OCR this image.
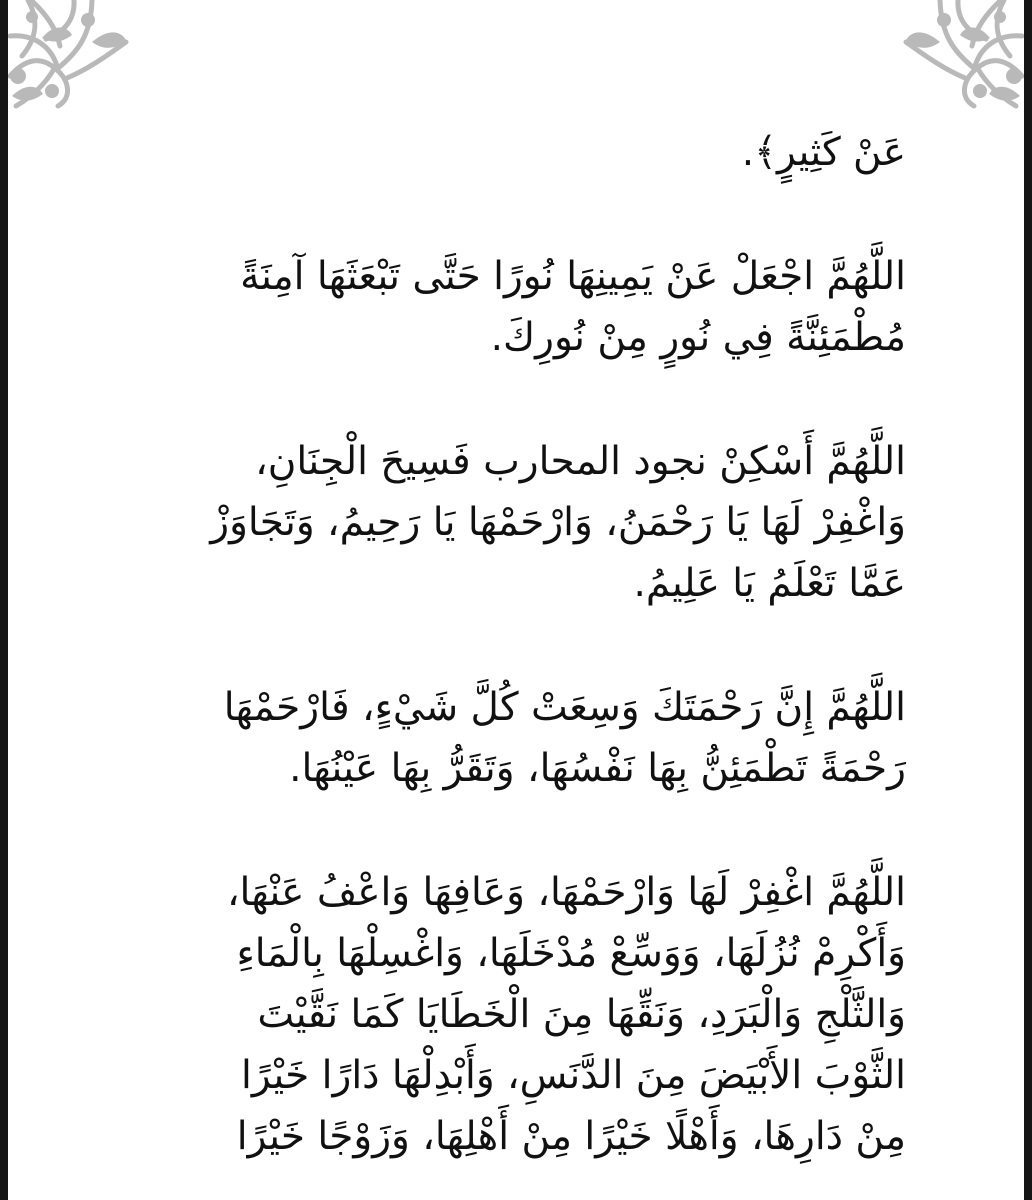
عَنْ كَثِيرٍ﴾.

اللَّهُمَّ اجْعَلْ عَنْ يَمِينِهَا نُورًا حَتَّى تَبْعَثَهَا آمِنَةً
مُطْمَئِنَّةً فِي نُورٍ مِنْ نُورِكَ.

اللَّهُمَّ أَسْكِنْ نجود المحارب فَسِيحَ الْجِنَانِ،
وَاغْفِرْ لَهَا يَا رَحْمَنُ، وَارْحَمْهَا يَا رَحِيمُ، وَتَجَاوَزْ
عَمَّا تَعْلَمُ يَا عَلِيمُ.

اللَّهُمَّ إِنَّ رَحْمَتَكَ وَسِعَتْ كُلَّ شَيْءٍ، فَارْحَمْهَا
رَحْمَةً تَطْمَئِنُّ بِهَا نَفْسُهَا، وَتَقَرُّ بِهَا عَيْنُهَا.

اللَّهُمَّ اغْفِرْ لَهَا وَارْحَمْهَا، وَعَافِهَا وَاعْفُ عَنْهَا،
وَأَكْرِمْ نُزُلَهَا، وَوَسِّعْ مُدْخَلَهَا، وَاغْسِلْهَا بِالْمَاءِ
وَالثَّلْجِ وَالْبَرَدِ، وَنَقِّهَا مِنَ الْخَطَايَا كَمَا نَقَّيْتَ
الثَّوْبَ الأَبْيَضَ مِنَ الدَّنَسِ، وَأَبْدِلْهَا دَارًا خَيْرًا
مِنْ دَارِهَا، وَأَهْلًا خَيْرًا مِنْ أَهْلِهَا، وَزَوْجًا خَيْرًا
